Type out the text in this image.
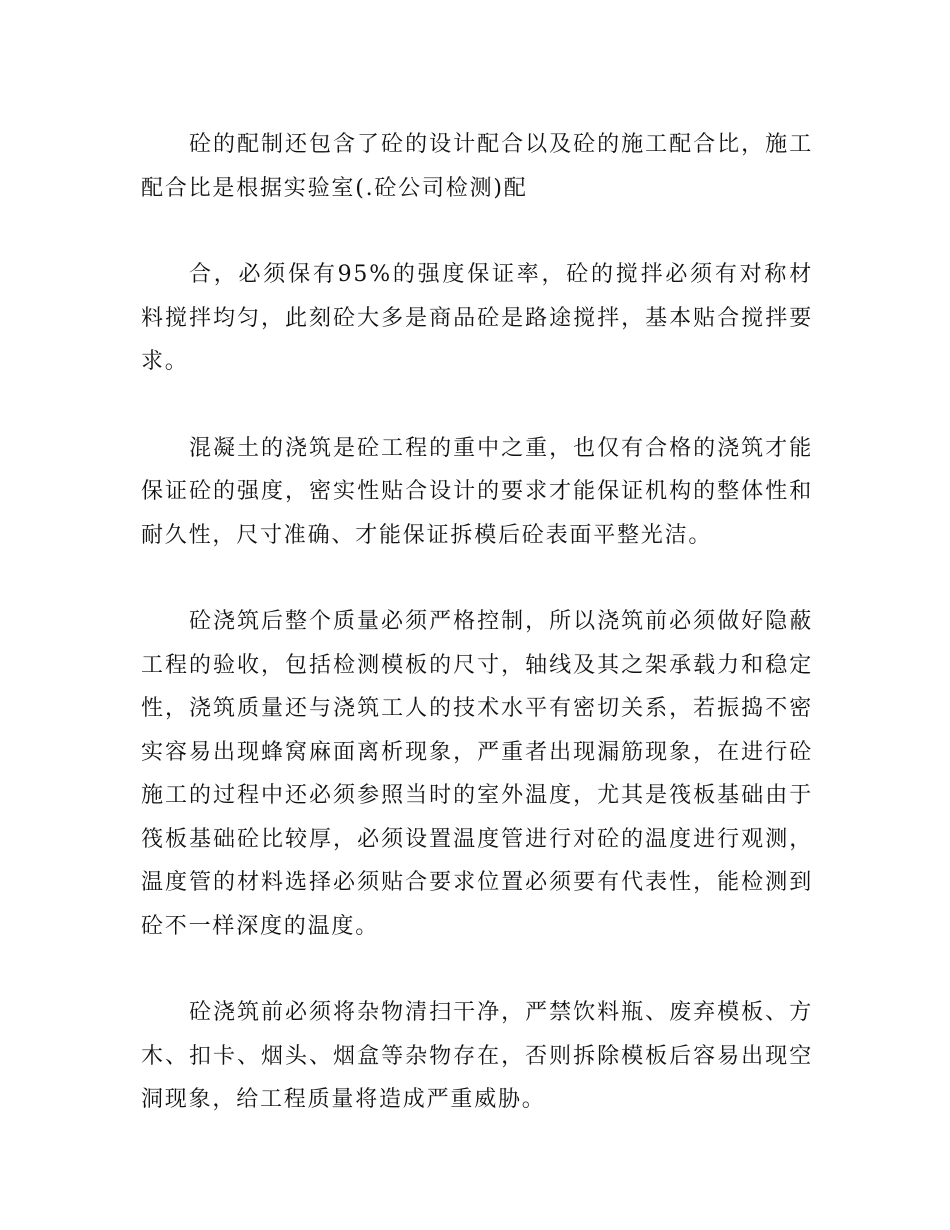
砼的配制还包含了砼的设计配合以及砼的施工配合比，施工配合比是根据实验室(.砼公司检测)配

合，必须保有95%的强度保证率，砼的搅拌必须有对称材料搅拌均匀，此刻砼大多是商品砼是路途搅拌，基本贴合搅拌要求。

混凝土的浇筑是砼工程的重中之重，也仅有合格的浇筑才能保证砼的强度，密实性贴合设计的要求才能保证机构的整体性和耐久性，尺寸准确、才能保证拆模后砼表面平整光洁。

砼浇筑后整个质量必须严格控制，所以浇筑前必须做好隐蔽工程的验收，包括检测模板的尺寸，轴线及其之架承载力和稳定性，浇筑质量还与浇筑工人的技术水平有密切关系，若振捣不密实容易出现蜂窝麻面离析现象，严重者出现漏筋现象，在进行砼施工的过程中还必须参照当时的室外温度，尤其是筏板基础由于筏板基础砼比较厚，必须设置温度管进行对砼的温度进行观测，温度管的材料选择必须贴合要求位置必须要有代表性，能检测到砼不一样深度的温度。

砼浇筑前必须将杂物清扫干净，严禁饮料瓶、废弃模板、方木、扣卡、烟头、烟盒等杂物存在，否则拆除模板后容易出现空洞现象，给工程质量将造成严重威胁。
